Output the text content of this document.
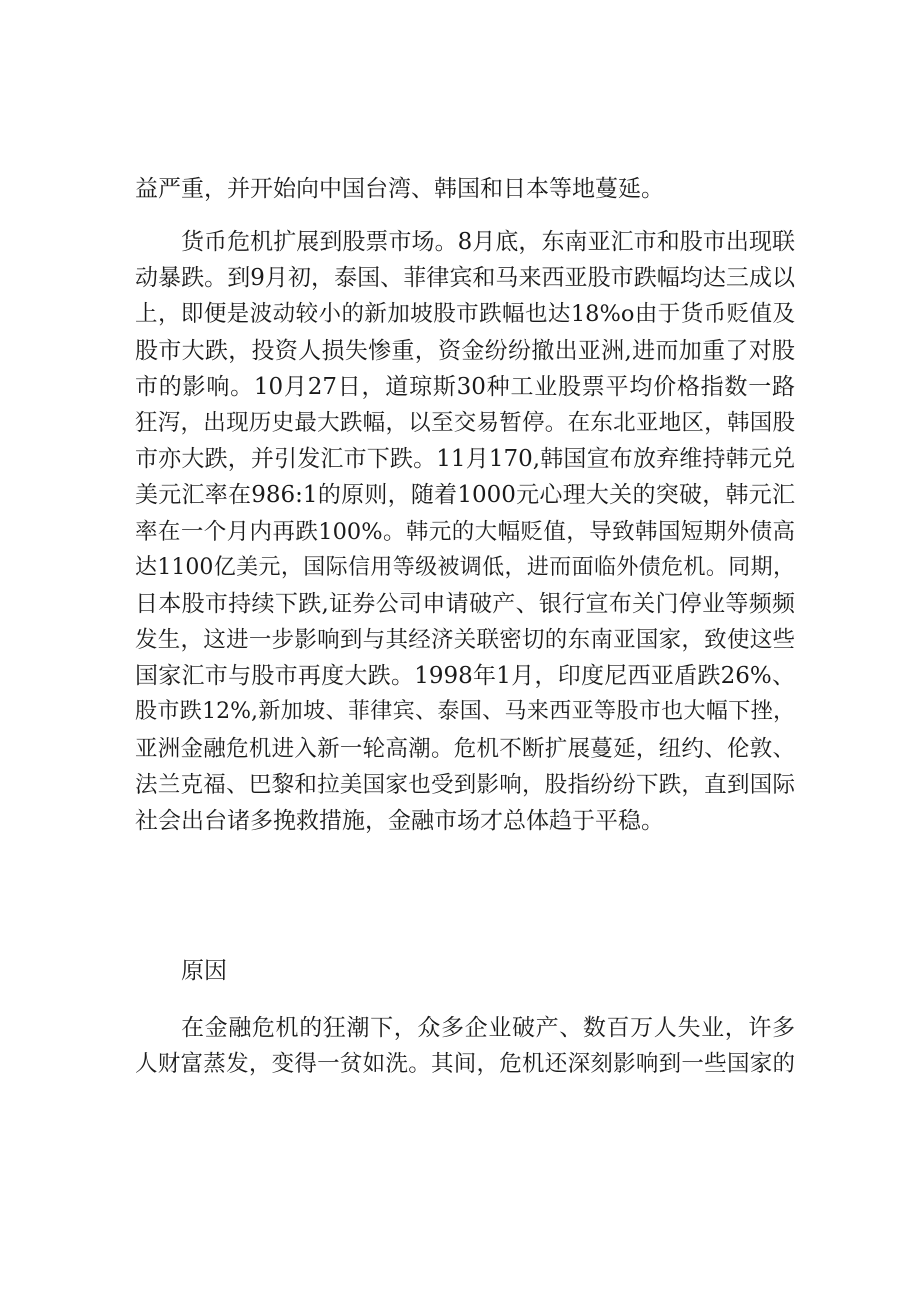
益严重，并开始向中国台湾、韩国和日本等地蔓延。
货币危机扩展到股票市场。8月底，东南亚汇市和股市出现联
动暴跌。到9月初，泰国、菲律宾和马来西亚股市跌幅均达三成以
上，即便是波动较小的新加坡股市跌幅也达18%o由于货币贬值及
股市大跌，投资人损失惨重，资金纷纷撤出亚洲,进而加重了对股
市的影响。10月27日，道琼斯30种工业股票平均价格指数一路
狂泻，出现历史最大跌幅，以至交易暂停。在东北亚地区，韩国股
市亦大跌，并引发汇市下跌。11月170,韩国宣布放弃维持韩元兑
美元汇率在986:1的原则，随着1000元心理大关的突破，韩元汇
率在一个月内再跌100%。韩元的大幅贬值，导致韩国短期外债高
达1100亿美元，国际信用等级被调低，进而面临外债危机。同期，
日本股市持续下跌,证券公司申请破产、银行宣布关门停业等频频
发生，这进一步影响到与其经济关联密切的东南亚国家，致使这些
国家汇市与股市再度大跌。1998年1月，印度尼西亚盾跌26%、
股市跌12%,新加坡、菲律宾、泰国、马来西亚等股市也大幅下挫，
亚洲金融危机进入新一轮高潮。危机不断扩展蔓延，纽约、伦敦、
法兰克福、巴黎和拉美国家也受到影响，股指纷纷下跌，直到国际
社会出台诸多挽救措施，金融市场才总体趋于平稳。
原因
在金融危机的狂潮下，众多企业破产、数百万人失业，许多
人财富蒸发，变得一贫如洗。其间，危机还深刻影响到一些国家的
